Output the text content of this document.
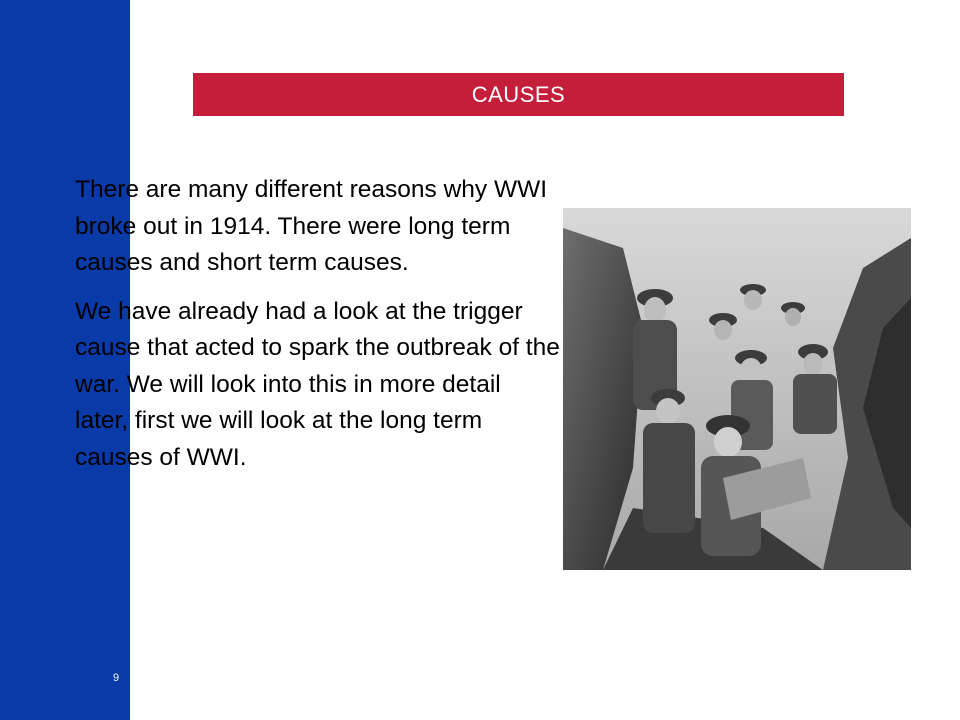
9
CAUSES

There are many different reasons why WWI broke out in 1914. There were long term causes and short term causes.

We have already had a look at the trigger cause that acted to spark the outbreak of the war. We will look into this in more detail later, first we will look at the long term causes of WWI.
